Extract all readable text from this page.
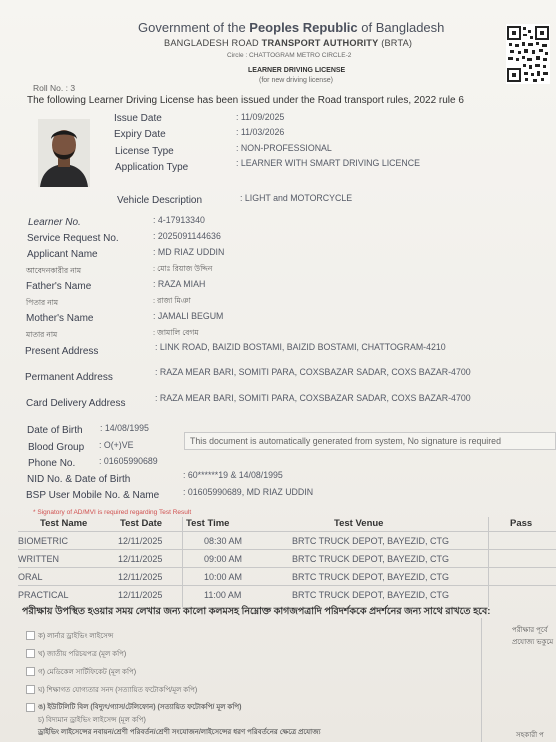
Government of the Peoples Republic of Bangladesh
BANGLADESH ROAD TRANSPORT AUTHORITY (BRTA)
Circle : CHATTOGRAM METRO CIRCLE-2
LEARNER DRIVING LICENSE
(for new driving license)
Roll No. : 3
The following Learner Driving License has been issued under the Road transport rules, 2022 rule 6
Issue Date	: 11/09/2025
Expiry Date	: 11/03/2026
License Type	: NON-PROFESSIONAL
Application Type	: LEARNER WITH SMART DRIVING LICENCE
Vehicle Description	: LIGHT and MOTORCYCLE
Learner No.	: 4-17913340
Service Request No.	: 2025091144636
Applicant Name	: MD RIAZ UDDIN
আবেদনকারীর নাম	: মোঃ রিয়াজ উদ্দিন
Father's Name	: RAZA MIAH
পিতার নাম	: রাজা মিঞা
Mother's Name	: JAMALI BEGUM
মাতার নাম	: জামালি বেগম
Present Address	: LINK ROAD, BAIZID BOSTAMI, BAIZID BOSTAMI, CHATTOGRAM-4210
Permanent Address	: RAZA MEAR BARI, SOMITI PARA, COXSBAZAR SADAR, COXS BAZAR-4700
Card Delivery Address	: RAZA MEAR BARI, SOMITI PARA, COXSBAZAR SADAR, COXS BAZAR-4700
Date of Birth : 14/08/1995
Blood Group : O(+)VE	This document is automatically generated from system, No signature is required
Phone No.	: 01605990689
NID No. & Date of Birth	: 60******19 & 14/08/1995
BSP User Mobile No. & Name	: 01605990689, MD RIAZ UDDIN
* Signatory of AD/MVI is required regarding Test Result
Test Name	Test Date	Test Time	Test Venue	Pass
BIOMETRIC	12/11/2025	08:30 AM	BRTC TRUCK DEPOT, BAYEZID, CTG	
WRITTEN	12/11/2025	09:00 AM	BRTC TRUCK DEPOT, BAYEZID, CTG	
ORAL	12/11/2025	10:00 AM	BRTC TRUCK DEPOT, BAYEZID, CTG	
PRACTICAL	12/11/2025	11:00 AM	BRTC TRUCK DEPOT, BAYEZID, CTG	
পরীক্ষায় উপস্থিত হওয়ার সময় লেখার জন্য কালো কলমসহ নিম্নোক্ত কাগজপত্রাদি পরিদর্শককে প্রদর্শনের জন্য সাথে রাখতে হবে:
ক) লার্নার ড্রাইভিং লাইসেন্স
খ) জাতীয় পরিচয়পত্র (মূল কপি)
গ) মেডিকেল সার্টিফিকেট (মূল কপি)
ঘ) শিক্ষাগত যোগ্যতার সনদ (সত্যায়িত ফটোকপি/মূল কপি)
ঙ) ইউটিলিটি বিল (বিদ্যুৎ/গ্যাস/টেলিফোন) (সত্যায়িত ফটোকপি/ মূল কপি)
চ) বিদ্যমান ড্রাইভিং লাইসেন্স (মূল কপি)
ড্রাইভিং লাইসেন্সের নবায়ন/শ্রেণী পরিবর্তন/শ্রেণী সংযোজন/লাইসেন্সের ধরণ পরিবর্তনের ক্ষেত্রে প্রযোজ্য
পরীক্ষার পূর্বে
প্রযোজ্য ভকুমে
সহকারী প
